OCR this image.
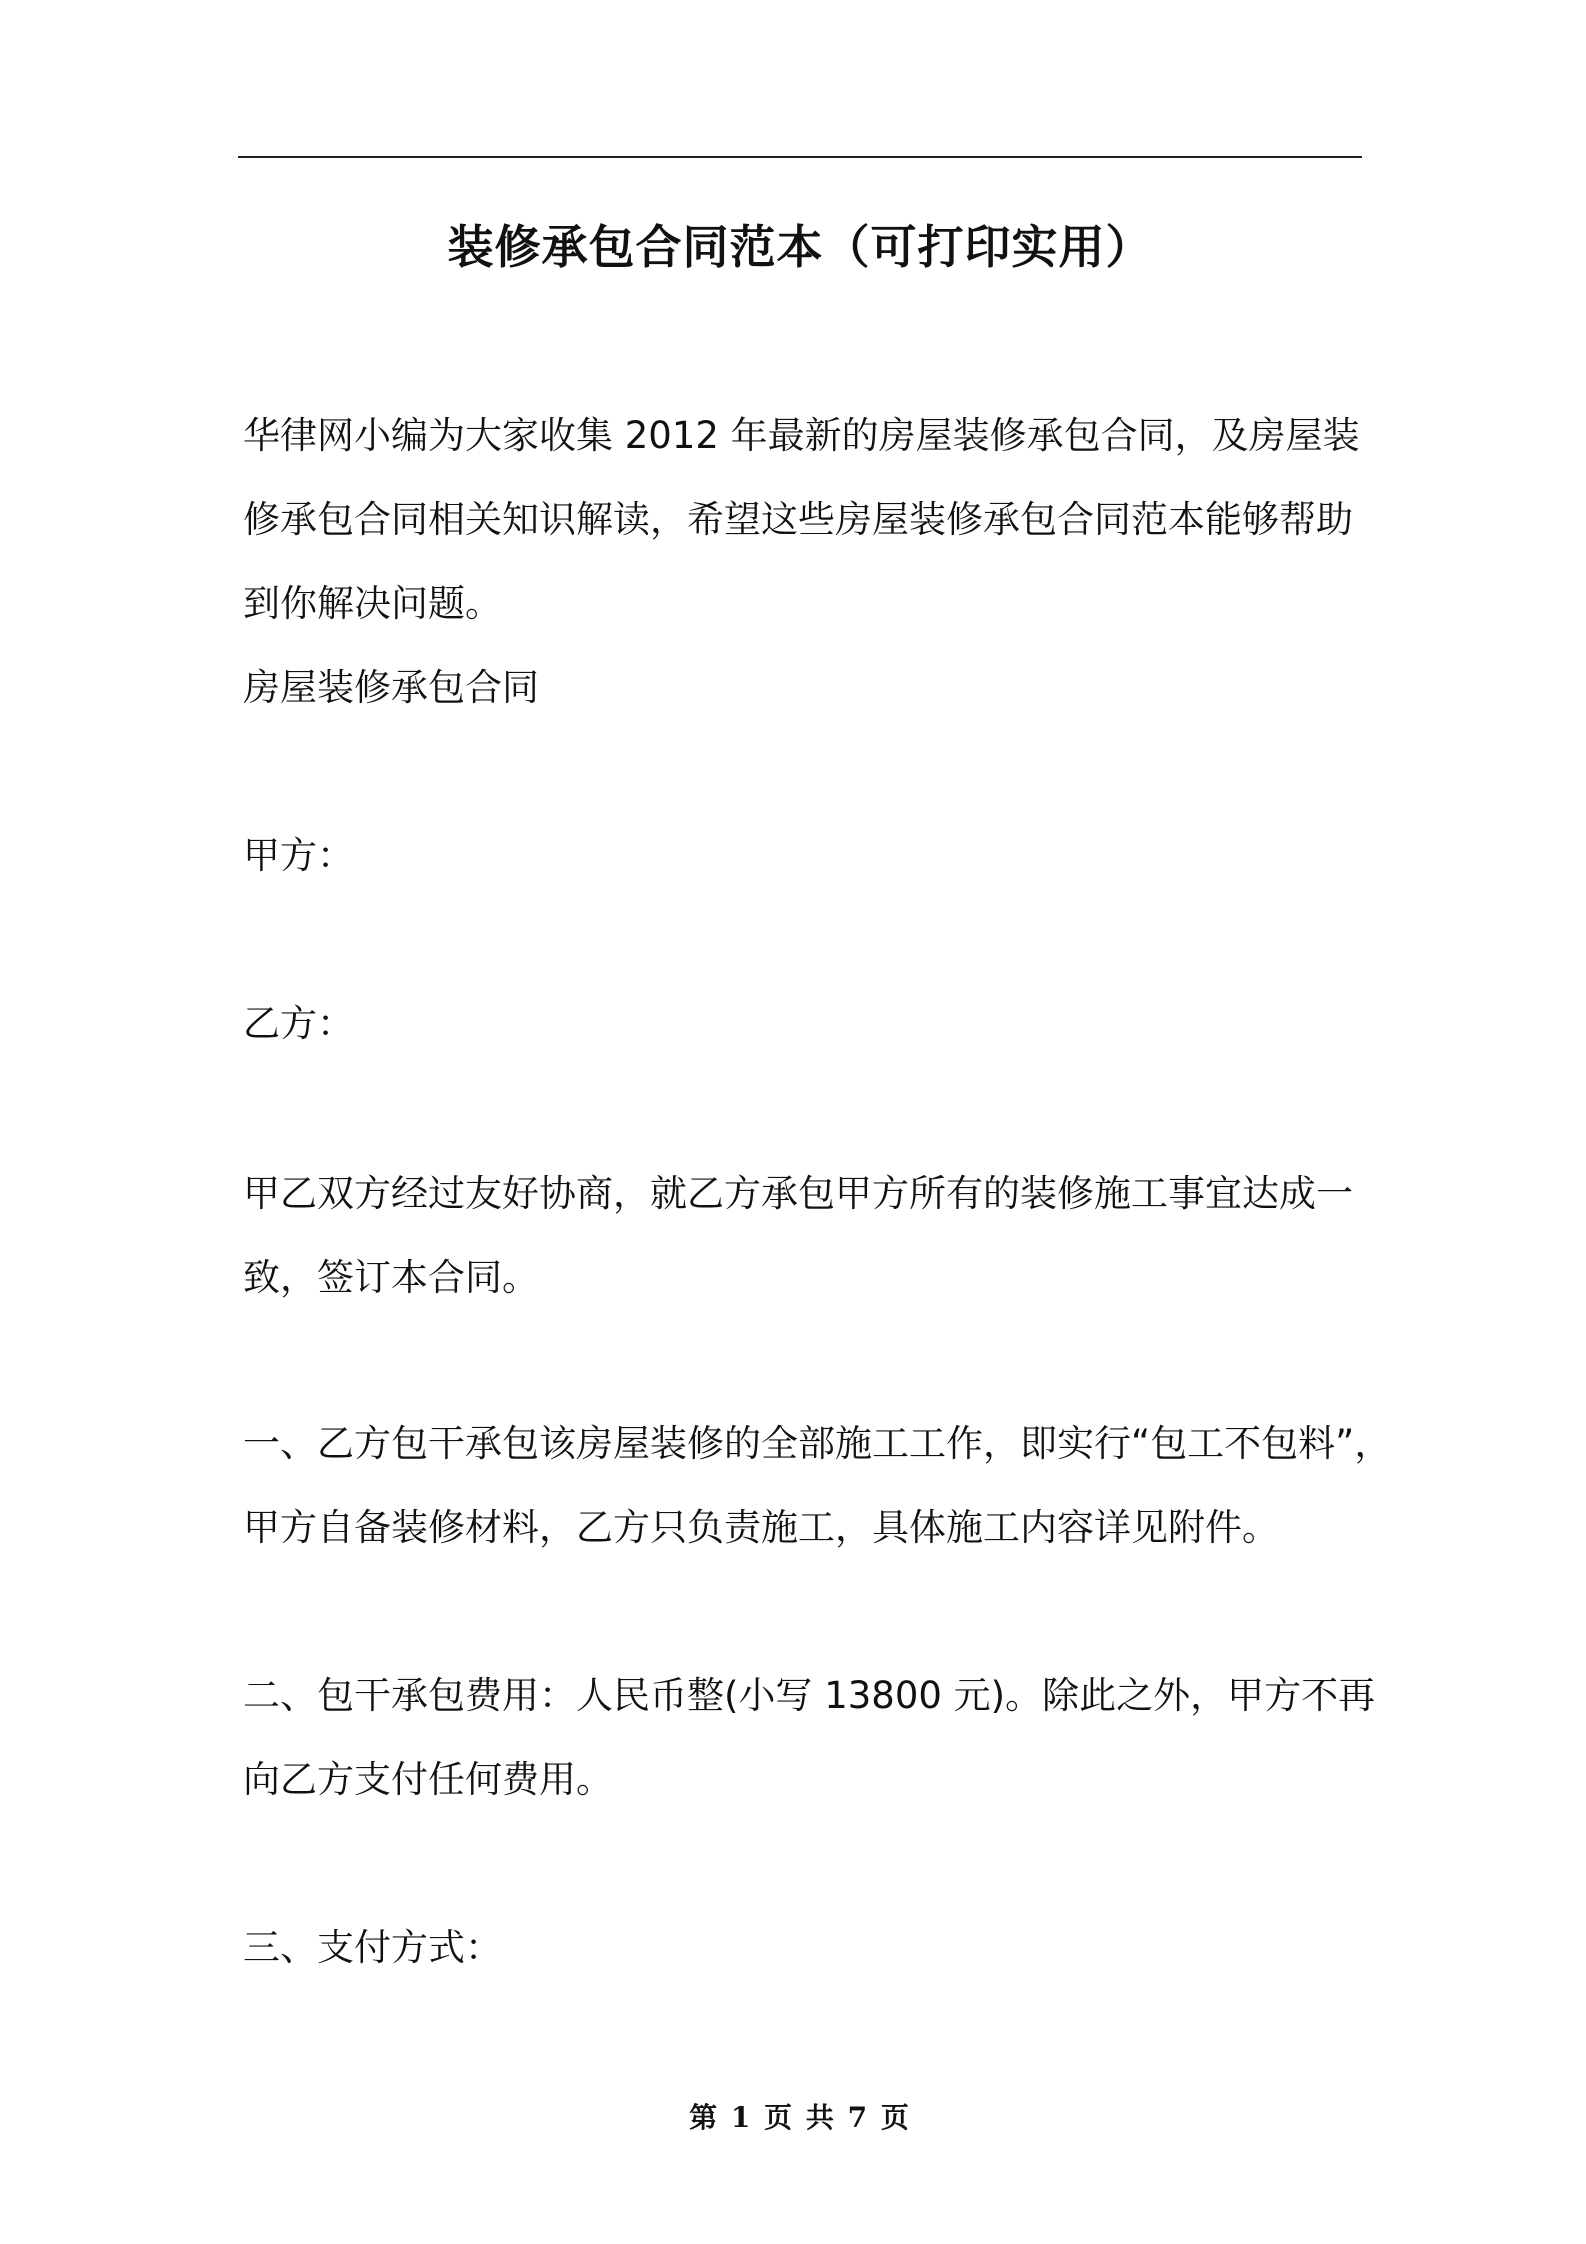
装修承包合同范本（可打印实用）
华律网小编为大家收集 2012 年最新的房屋装修承包合同，及房屋装
修承包合同相关知识解读，希望这些房屋装修承包合同范本能够帮助
到你解决问题。
房屋装修承包合同
甲方：
乙方：
甲乙双方经过友好协商，就乙方承包甲方所有的装修施工事宜达成一
致，签订本合同。
一、乙方包干承包该房屋装修的全部施工工作，即实行“包工不包料”，
甲方自备装修材料，乙方只负责施工，具体施工内容详见附件。
二、包干承包费用：人民币整(小写 13800 元)。除此之外，甲方不再
向乙方支付任何费用。
三、支付方式：
第 1 页 共 7 页
